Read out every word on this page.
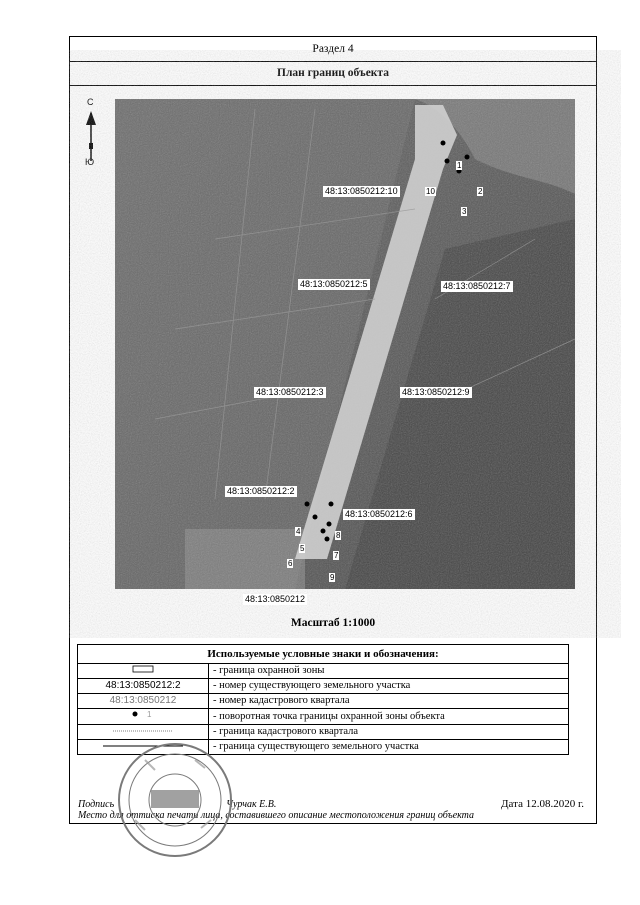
Раздел 4
План границ объекта
С
Ю
48:13:0850212:10
48:13:0850212:5	48:13:0850212:7
48:13:0850212:3	48:13:0850212:9
48:13:0850212:2
48:13:0850212:6
48:13:0850212
1
2
3
10
4
5
6
7
8
9
Масштаб 1:1000
Используемые условные знаки и обозначения:	
	- граница охранной зоны
48:13:0850212:2	- номер существующего земельного участка
48:13:0850212	- номер кадастрового квартала

1	- поворотная точка границы охранной зоны объекта
	- граница кадастрового квартала
	- граница существующего земельного участка
Подпись	Чурчак Е.В.
Место для оттиска печати лица, составившего описание местоположения границ объекта
Дата 12.08.2020 г.
